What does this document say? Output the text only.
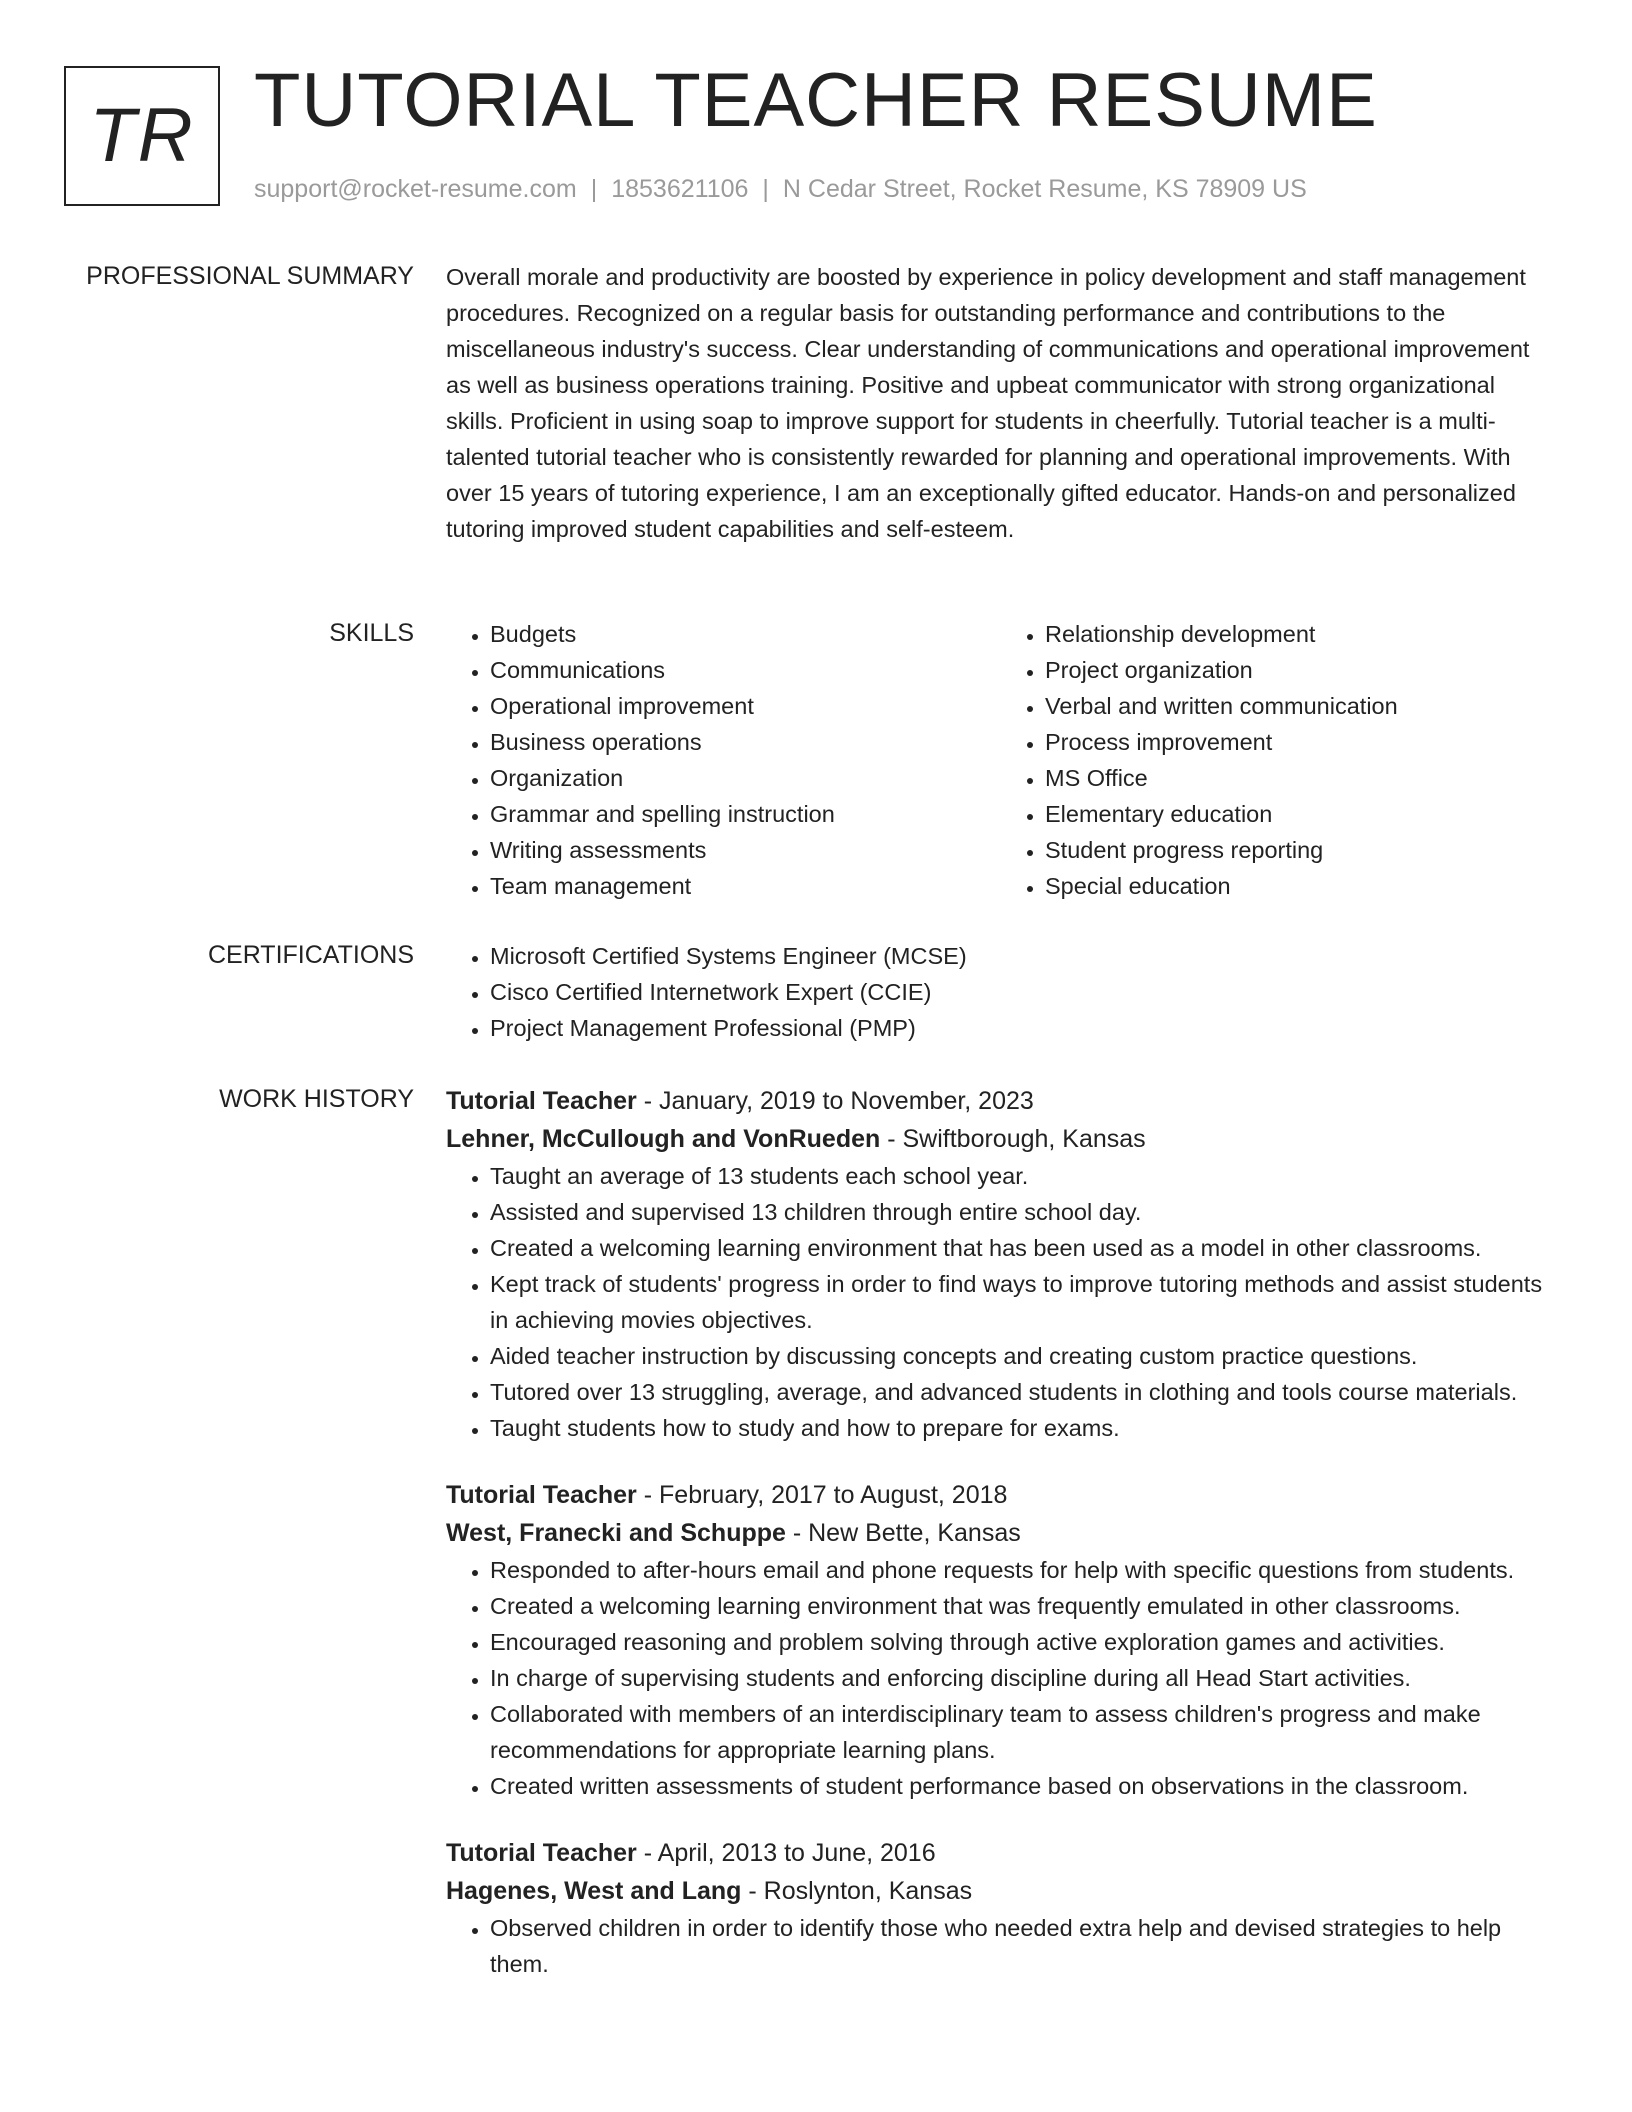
TR TUTORIAL TEACHER RESUME
support@rocket-resume.com | 1853621106 | N Cedar Street, Rocket Resume, KS 78909 US
PROFESSIONAL SUMMARY Overall morale and productivity are boosted by experience in policy development and staff management procedures. Recognized on a regular basis for outstanding performance and contributions to the miscellaneous industry's success. Clear understanding of communications and operational improvement as well as business operations training. Positive and upbeat communicator with strong organizational skills. Proficient in using soap to improve support for students in cheerfully. Tutorial teacher is a multi-talented tutorial teacher who is consistently rewarded for planning and operational improvements. With over 15 years of tutoring experience, I am an exceptionally gifted educator. Hands-on and personalized tutoring improved student capabilities and self-esteem.

SKILLS	• Budgets
• Communications
• Operational improvement
• Business operations
• Organization
• Grammar and spelling instruction
• Writing assessments
• Team management
• Relationship development
• Project organization
• Verbal and written communication
• Process improvement
• MS Office
• Elementary education
• Student progress reporting
• Special education
CERTIFICATIONS	• Microsoft Certified Systems Engineer (MCSE)
• Cisco Certified Internetwork Expert (CCIE)
• Project Management Professional (PMP)
WORK HISTORY Tutorial Teacher - January, 2019 to November, 2023
Lehner, McCullough and VonRueden - Swiftborough, Kansas
• Taught an average of 13 students each school year.
• Assisted and supervised 13 children through entire school day.
• Created a welcoming learning environment that has been used as a model in other classrooms.
• Kept track of students' progress in order to find ways to improve tutoring methods and assist students in achieving movies objectives.
• Aided teacher instruction by discussing concepts and creating custom practice questions.
• Tutored over 13 struggling, average, and advanced students in clothing and tools course materials.
• Taught students how to study and how to prepare for exams.
Tutorial Teacher - February, 2017 to August, 2018
West, Franecki and Schuppe - New Bette, Kansas
• Responded to after-hours email and phone requests for help with specific questions from students.
• Created a welcoming learning environment that was frequently emulated in other classrooms.
• Encouraged reasoning and problem solving through active exploration games and activities.
• In charge of supervising students and enforcing discipline during all Head Start activities.
• Collaborated with members of an interdisciplinary team to assess children's progress and make recommendations for appropriate learning plans.
• Created written assessments of student performance based on observations in the classroom.
Tutorial Teacher - April, 2013 to June, 2016
Hagenes, West and Lang - Roslynton, Kansas
• Observed children in order to identify those who needed extra help and devised strategies to help them.
